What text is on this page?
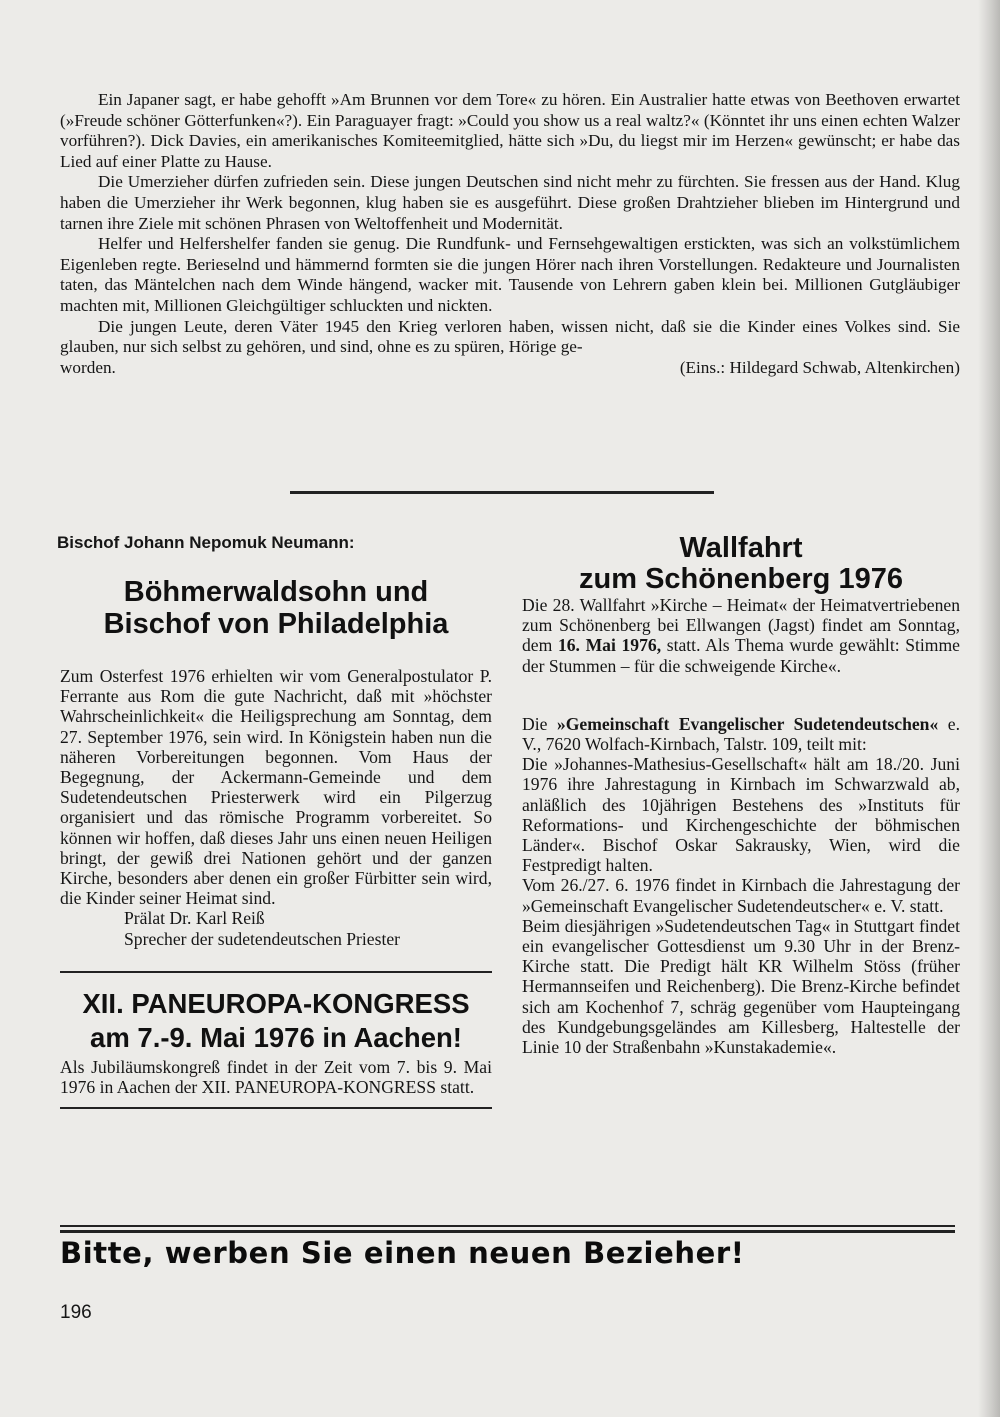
Ein Japaner sagt, er habe gehofft »Am Brunnen vor dem Tore« zu hören. Ein Australier hatte etwas von Beethoven erwartet (»Freude schöner Götterfunken«?). Ein Paraguayer fragt: »Could you show us a real waltz?« (Könntet ihr uns einen echten Walzer vorführen?). Dick Davies, ein amerikanisches Komiteemitglied, hätte sich »Du, du liegst mir im Herzen« gewünscht; er habe das Lied auf einer Platte zu Hause.

Die Umerzieher dürfen zufrieden sein. Diese jungen Deutschen sind nicht mehr zu fürchten. Sie fressen aus der Hand. Klug haben die Umerzieher ihr Werk begonnen, klug haben sie es ausgeführt. Diese großen Drahtzieher blieben im Hintergrund und tarnen ihre Ziele mit schönen Phrasen von Weltoffenheit und Modernität.

Helfer und Helfershelfer fanden sie genug. Die Rundfunk- und Fernsehgewaltigen erstickten, was sich an volkstümlichem Eigenleben regte. Berieselnd und hämmernd formten sie die jungen Hörer nach ihren Vorstellungen. Redakteure und Journalisten taten, das Mäntelchen nach dem Winde hängend, wacker mit. Tausende von Lehrern gaben klein bei. Millionen Gutgläubiger machten mit, Millionen Gleichgültiger schluckten und nickten.

Die jungen Leute, deren Väter 1945 den Krieg verloren haben, wissen nicht, daß sie die Kinder eines Volkes sind. Sie glauben, nur sich selbst zu gehören, und sind, ohne es zu spüren, Hörige ge-

worden.	(Eins.: Hildegard Schwab, Altenkirchen)

Bischof Johann Nepomuk Neumann:
Böhmerwaldsohn und
Bischof von Philadelphia

Zum Osterfest 1976 erhielten wir vom Generalpostulator P. Ferrante aus Rom die gute Nachricht, daß mit »höchster Wahrscheinlichkeit« die Heiligsprechung am Sonntag, dem 27. September 1976, sein wird. In Königstein haben nun die näheren Vorbereitungen begonnen. Vom Haus der Begegnung, der Ackermann-Gemeinde und dem Sudetendeutschen Priesterwerk wird ein Pilgerzug organisiert und das römische Programm vorbereitet. So können wir hoffen, daß dieses Jahr uns einen neuen Heiligen bringt, der gewiß drei Nationen gehört und der ganzen Kirche, besonders aber denen ein großer Fürbitter sein wird, die Kinder seiner Heimat sind.

Prälat Dr. Karl Reiß

Sprecher der sudetendeutschen Priester

XII. PANEUROPA-KONGRESS
am 7.-9. Mai 1976 in Aachen!

Als Jubiläumskongreß findet in der Zeit vom 7. bis 9. Mai 1976 in Aachen der XII. PANEUROPA-KONGRESS statt.

Wallfahrt
zum Schönenberg 1976

Die 28. Wallfahrt »Kirche – Heimat« der Heimatvertriebenen zum Schönenberg bei Ellwangen (Jagst) findet am Sonntag, dem 16. Mai 1976, statt. Als Thema wurde gewählt: Stimme der Stummen – für die schweigende Kirche«.

Die »Gemeinschaft Evangelischer Sudetendeutschen« e. V., 7620 Wolfach-Kirnbach, Talstr. 109, teilt mit:

Die »Johannes-Mathesius-Gesellschaft« hält am 18./20. Juni 1976 ihre Jahrestagung in Kirnbach im Schwarzwald ab, anläßlich des 10jährigen Bestehens des »Instituts für Reformations- und Kirchengeschichte der böhmischen Länder«. Bischof Oskar Sakrausky, Wien, wird die Festpredigt halten.

Vom 26./27. 6. 1976 findet in Kirnbach die Jahrestagung der »Gemeinschaft Evangelischer Sudetendeutscher« e. V. statt.

Beim diesjährigen »Sudetendeutschen Tag« in Stuttgart findet ein evangelischer Gottesdienst um 9.30 Uhr in der Brenz-Kirche statt. Die Predigt hält KR Wilhelm Stöss (früher Hermannseifen und Reichenberg). Die Brenz-Kirche befindet sich am Kochenhof 7, schräg gegenüber vom Haupteingang des Kundgebungsgeländes am Killesberg, Haltestelle der Linie 10 der Straßenbahn »Kunstakademie«.

Bitte, werben Sie einen neuen Bezieher!
196
